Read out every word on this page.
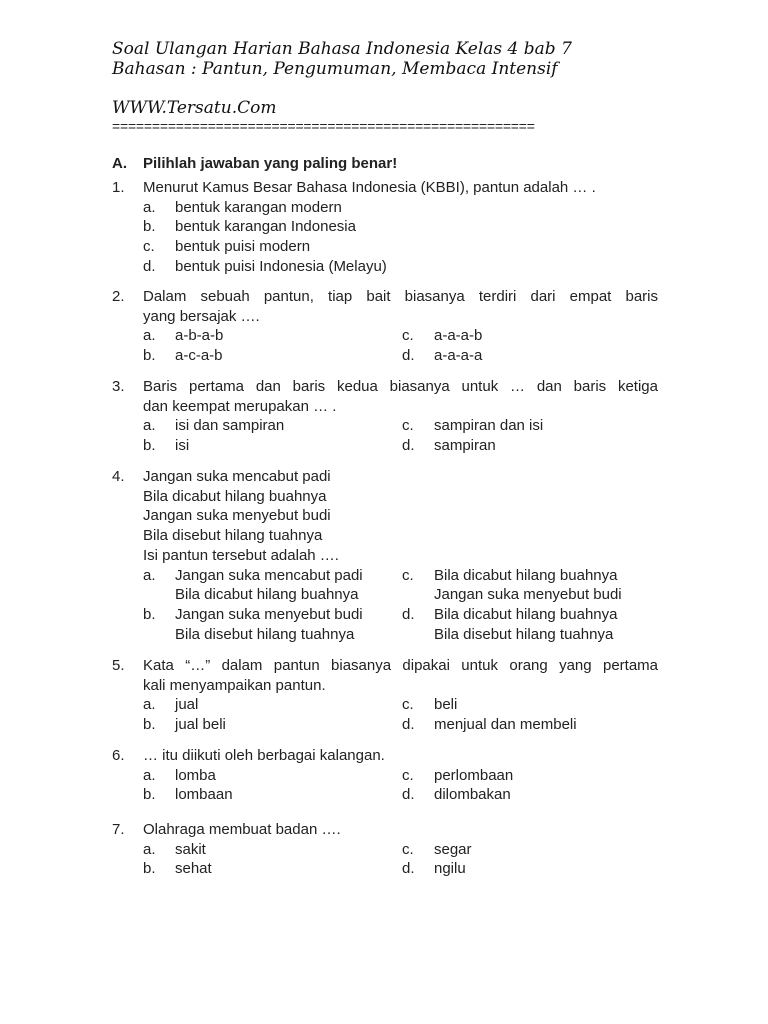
Soal Ulangan Harian Bahasa Indonesia Kelas 4 bab 7
Bahasan : Pantun, Pengumuman, Membaca Intensif
WWW.Tersatu.Com
=====================================================
A. Pilihlah jawaban yang paling benar!
1. Menurut Kamus Besar Bahasa Indonesia (KBBI), pantun adalah … .
a. bentuk karangan modern
b. bentuk karangan Indonesia
c. bentuk puisi modern
d. bentuk puisi Indonesia (Melayu)
2. Dalam sebuah pantun, tiap bait biasanya terdiri dari empat baris
yang bersajak ….
a. a-b-a-b
b. a-c-a-b
c. a-a-a-b
d. a-a-a-a
3. Baris pertama dan baris kedua biasanya untuk … dan baris ketiga
dan keempat merupakan … .
a. isi dan sampiran
b. isi
c. sampiran dan isi
d. sampiran
4. Jangan suka mencabut padi
Bila dicabut hilang buahnya
Jangan suka menyebut budi
Bila disebut hilang tuahnya
Isi pantun tersebut adalah ….
a. Jangan suka mencabut padi
Bila dicabut hilang buahnya
b. Jangan suka menyebut budi
Bila disebut hilang tuahnya
c. Bila dicabut hilang buahnya
Jangan suka menyebut budi
d. Bila dicabut hilang buahnya
Bila disebut hilang tuahnya
5. Kata “…” dalam pantun biasanya dipakai untuk orang yang pertama
kali menyampaikan pantun.
a. jual
b. jual beli
c. beli
d. menjual dan membeli
6. … itu diikuti oleh berbagai kalangan.
a. lomba
b. lombaan
c. perlombaan
d. dilombakan
7. Olahraga membuat badan ….
a. sakit
b. sehat
c. segar
d. ngilu
